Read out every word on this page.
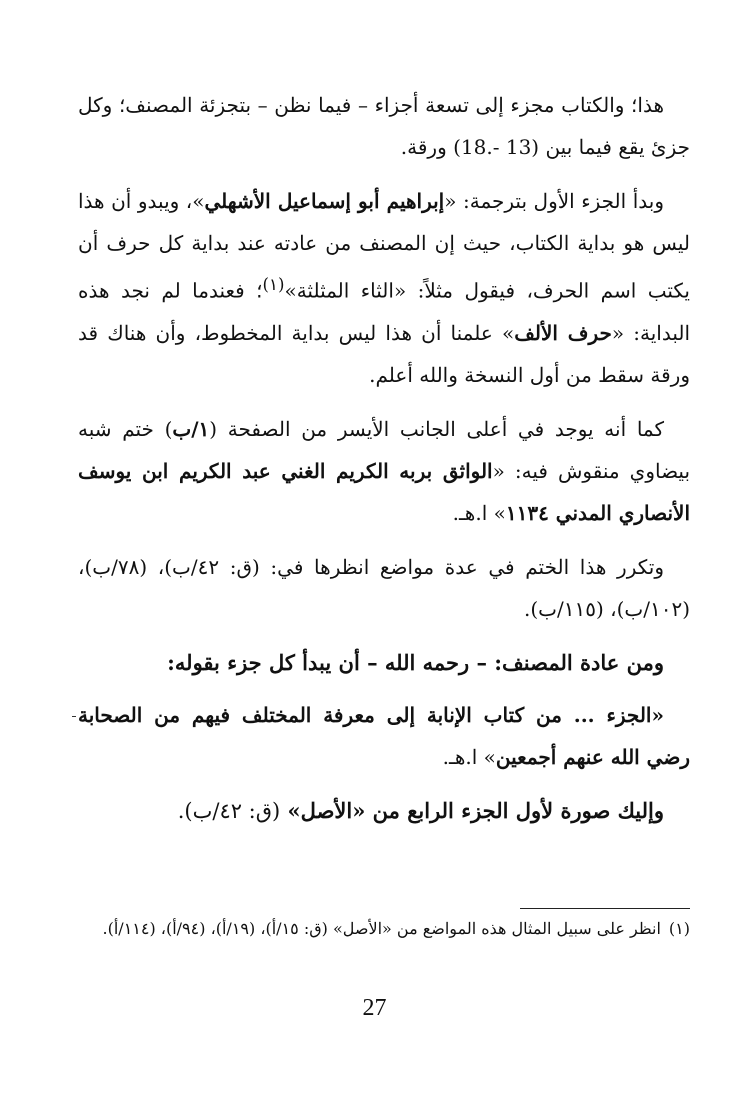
هذا؛ والكتاب مجزء إلى تسعة أجزاء – فيما نظن – بتجزئة المصنف؛ وكل جزئ يقع فيما بين (13 -.18) ورقة.

وبدأ الجزء الأول بترجمة: «إبراهيم أبو إسماعيل الأشهلي»، ويبدو أن هذا ليس هو بداية الكتاب، حيث إن المصنف من عادته عند بداية كل حرف أن يكتب اسم الحرف، فيقول مثلاً: «الثاء المثلثة»$^{(١)}$؛ فعندما لم نجد هذه البداية: «حرف الألف» علمنا أن هذا ليس بداية المخطوط، وأن هناك قد ورقة سقط من أول النسخة والله أعلم.

كما أنه يوجد في أعلى الجانب الأيسر من الصفحة (١/ب) ختم شبه بيضاوي منقوش فيه: «الواثق بربه الكريم الغني عبد الكريم ابن يوسف الأنصاري المدني ١١٣٤» ا.هـ.

وتكرر هذا الختم في عدة مواضع انظرها في: (ق: ٤٢/ب)، (٧٨/ب)، (١٠٢/ب)، (١١٥/ب).

ومن عادة المصنف: – رحمه الله – أن يبدأ كل جزء بقوله:

«الجزء ... من كتاب الإنابة إلى معرفة المختلف فيهم من الصحابة رضي الله عنهم أجمعين» ا.هـ.

وإليك صورة لأول الجزء الرابع من «الأصل» (ق: ٤٢/ب).

(١)انظر على سبيل المثال هذه المواضع من «الأصل» (ق: ١٥/أ)، (١٩/أ)، (٩٤/أ)، (١١٤/أ).
27
